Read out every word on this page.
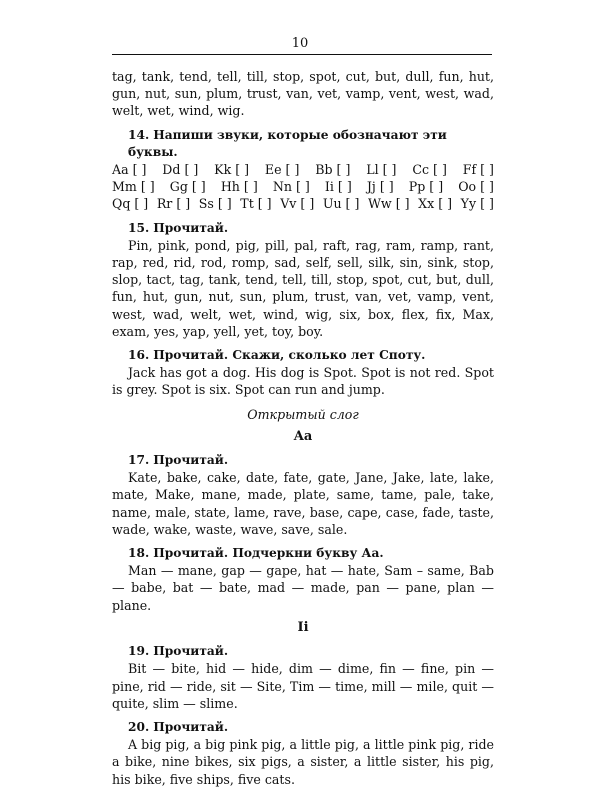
10

tag, tank, tend, tell, till, stop, spot, cut, but, dull, fun, hut, gun, nut, sun, plum, trust, van, vet, vamp, vent, west, wad, welt, wet, wind, wig.

14. Напиши звуки, которые обозначают эти буквы.

Aa [ ] Dd [ ] Kk [ ] Ee [ ] Bb [ ] Ll [ ] Cc [ ] Ff [ ]
Mm [ ] Gg [ ] Hh [ ] Nn [ ] Ii [ ] Jj [ ] Pp [ ] Oo [ ]
Qq [ ] Rr [ ] Ss [ ] Tt [ ] Vv [ ] Uu [ ] Ww [ ] Xx [ ] Yy [ ]

15. Прочитай.

Pin, pink, pond, pig, pill, pal, raft, rag, ram, ramp, rant, rap, red, rid, rod, romp, sad, self, sell, silk, sin, sink, stop, slop, tact, tag, tank, tend, tell, till, stop, spot, cut, but, dull, fun, hut, gun, nut, sun, plum, trust, van, vet, vamp, vent, west, wad, welt, wet, wind, wig, six, box, flex, fix, Max, exam, yes, yap, yell, yet, toy, boy.

16. Прочитай. Скажи, сколько лет Споту.

Jack has got a dog. His dog is Spot. Spot is not red. Spot is grey. Spot is six. Spot can run and jump.

Открытый слог
Aa

17. Прочитай.

Kate, bake, cake, date, fate, gate, Jane, Jake, late, lake, mate, Make, mane, made, plate, same, tame, pale, take, name, male, state, lame, rave, base, cape, case, fade, taste, wade, wake, waste, wave, save, sale.

18. Прочитай. Подчеркни букву Аа.

Man — mane, gap — gape, hat — hate, Sam – same, Bab — babe, bat — bate, mad — made, pan — pane, plan — plane.

Ii

19. Прочитай.

Bit — bite, hid — hide, dim — dime, fin — fine, pin — pine, rid — ride, sit — Site, Tim — time, mill — mile, quit — quite, slim — slime.

20. Прочитай.

A big pig, a big pink pig, a little pig, a little pink pig, ride a bike, nine bikes, six pigs, a sister, a little sister, his pig, his bike, five ships, five cats.
